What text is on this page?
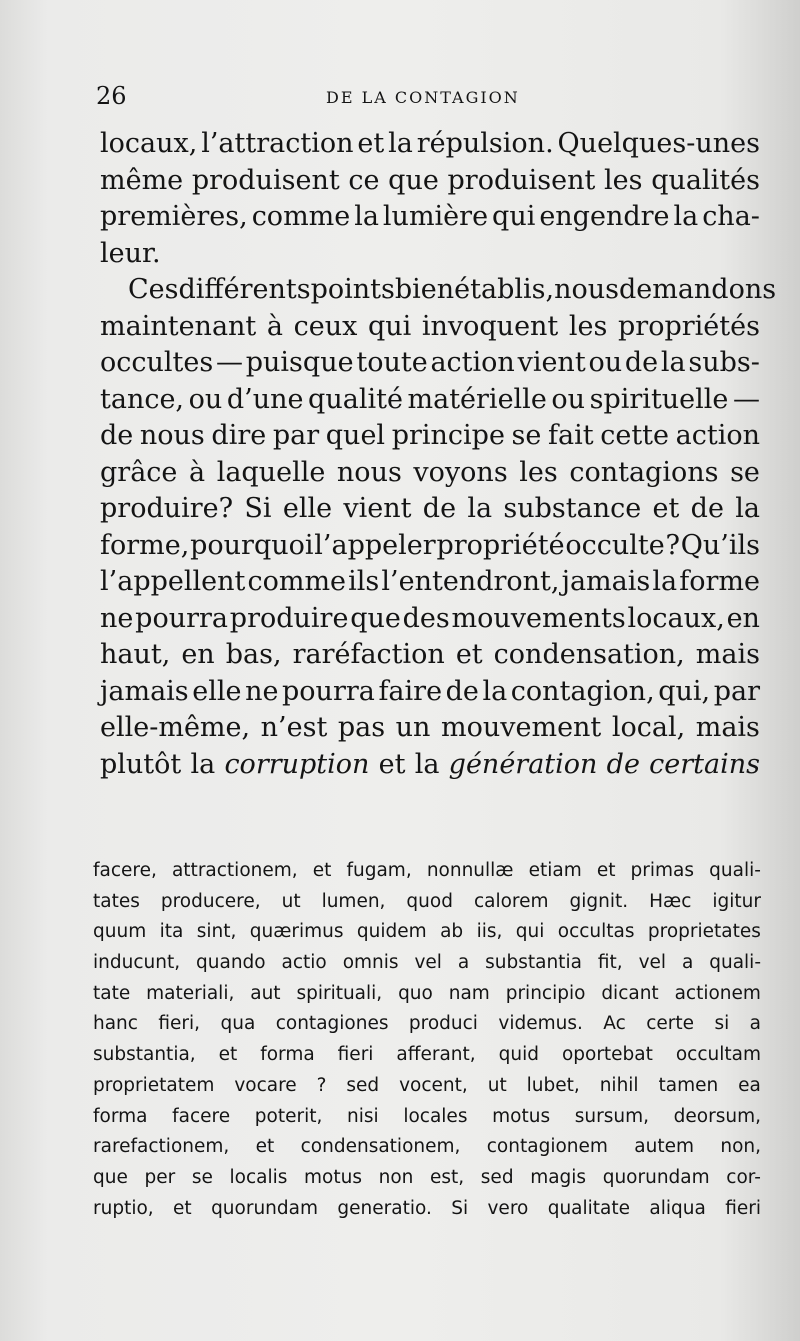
26	DE LA CONTAGION
locaux, l’attraction et la répulsion. Quelques-unes
même produisent ce que produisent les qualités
premières, comme la lumière qui engendre la cha-
leur.
Ces différents points bien établis, nous demandons
maintenant à ceux qui invoquent les propriétés
occultes — puisque toute action vient ou de la subs-
tance, ou d’une qualité matérielle ou spirituelle —
de nous dire par quel principe se fait cette action
grâce à laquelle nous voyons les contagions se
produire? Si elle vient de la substance et de la
forme, pourquoi l’appeler propriété occulte ? Qu’ils
l’appellent comme ils l’entendront, jamais la forme
ne pourra produire que des mouvements locaux, en
haut, en bas, raréfaction et condensation, mais
jamais elle ne pourra faire de la contagion, qui, par
elle-même, n’est pas un mouvement local, mais
plutôt la corruption et la génération de certains
facere, attractionem, et fugam, nonnullæ etiam et primas quali-
tates producere, ut lumen, quod calorem gignit. Hæc igitur
quum ita sint, quærimus quidem ab iis, qui occultas proprietates
inducunt, quando actio omnis vel a substantia fit, vel a quali-
tate materiali, aut spirituali, quo nam principio dicant actionem
hanc fieri, qua contagiones produci videmus. Ac certe si a
substantia, et forma fieri afferant, quid oportebat occultam
proprietatem vocare ? sed vocent, ut lubet, nihil tamen ea
forma facere poterit, nisi locales motus sursum, deorsum,
rarefactionem, et condensationem, contagionem autem non,
que per se localis motus non est, sed magis quorundam cor-
ruptio, et quorundam generatio. Si vero qualitate aliqua fieri
